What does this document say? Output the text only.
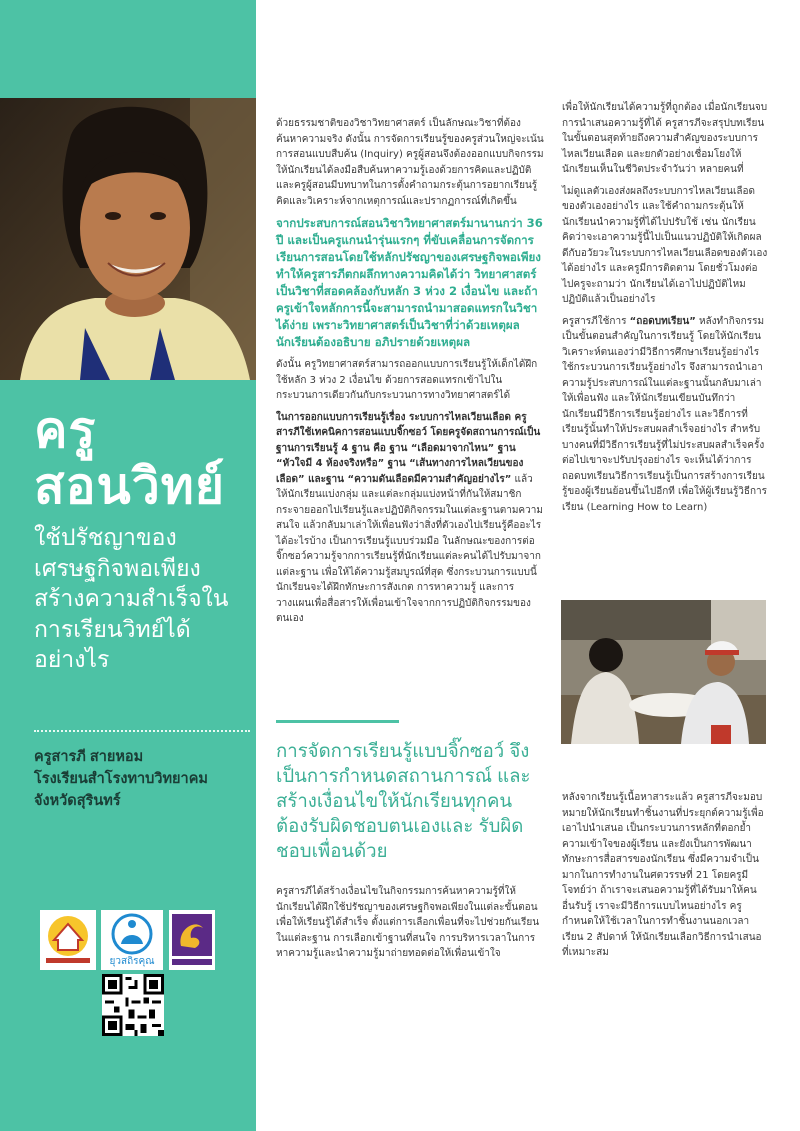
ครู
สอนวิทย์
ใช้ปรัชญาของเศรษฐกิจพอเพียงสร้างความสำเร็จในการเรียนวิทย์ได้อย่างไร
ครูสารภี สายหอม
โรงเรียนสำโรงทาบวิทยาคม
จังหวัดสุรินทร์
ยุวสถิรคุณ

ด้วยธรรมชาติของวิชาวิทยาศาสตร์ เป็นลักษณะวิชาที่ต้องค้นหาความจริง ดังนั้น การจัดการเรียนรู้ของครูส่วนใหญ่จะเน้นการสอนแบบสืบค้น (Inquiry) ครูผู้สอนจึงต้องออกแบบกิจกรรมให้นักเรียนได้ลงมือสืบค้นหาความรู้เองด้วยการคิดและปฏิบัติ และครูผู้สอนมีบทบาทในการตั้งคำถามกระตุ้นการอยากเรียนรู้ คิดและวิเคราะห์จากเหตุการณ์และปรากฏการณ์ที่เกิดขึ้น

จากประสบการณ์สอนวิชาวิทยาศาสตร์มานานกว่า 36 ปี และเป็นครูแกนนำรุ่นแรกๆ ที่ขับเคลื่อนการจัดการเรียนการสอนโดยใช้หลักปรัชญาของเศรษฐกิจพอเพียง ทำให้ครูสารภีตกผลึกทางความคิดได้ว่า วิทยาศาสตร์เป็นวิชาที่สอดคล้องกับหลัก 3 ห่วง 2 เงื่อนไข และถ้าครูเข้าใจหลักการนี้จะสามารถนำมาสอดแทรกในวิชาได้ง่าย เพราะวิทยาศาสตร์เป็นวิชาที่ว่าด้วยเหตุผล นักเรียนต้องอธิบาย อภิปรายด้วยเหตุผล

ดังนั้น ครูวิทยาศาสตร์สามารถออกแบบการเรียนรู้ให้เด็กได้ฝึกใช้หลัก 3 ห่วง 2 เงื่อนไข ด้วยการสอดแทรกเข้าไปในกระบวนการเดียวกันกับกระบวนการทางวิทยาศาสตร์ได้

ในการออกแบบการเรียนรู้เรื่อง ระบบการไหลเวียนเลือด ครูสารภีใช้เทคนิคการสอนแบบจิ๊กซอว์ โดยครูจัดสถานการณ์เป็นฐานการเรียนรู้ 4 ฐาน คือ ฐาน “เลือดมาจากไหน” ฐาน “หัวใจมี 4 ห้องจริงหรือ” ฐาน “เส้นทางการไหลเวียนของเลือด” และฐาน “ความดันเลือดมีความสำคัญอย่างไร” แล้วให้นักเรียนแบ่งกลุ่ม และแต่ละกลุ่มแบ่งหน้าที่กันให้สมาชิกกระจายออกไปเรียนรู้และปฏิบัติกิจกรรมในแต่ละฐานตามความสนใจ แล้วกลับมาเล่าให้เพื่อนฟังว่าสิ่งที่ตัวเองไปเรียนรู้คืออะไร ได้อะไรบ้าง เป็นการเรียนรู้แบบร่วมมือ ในลักษณะของการต่อจิ๊กซอว์ความรู้จากการเรียนรู้ที่นักเรียนแต่ละคนได้ไปรับมาจากแต่ละฐาน เพื่อให้ได้ความรู้สมบูรณ์ที่สุด ซึ่งกระบวนการแบบนี้ นักเรียนจะได้ฝึกทักษะการสังเกต การหาความรู้ และการวางแผนเพื่อสื่อสารให้เพื่อนเข้าใจจากการปฏิบัติกิจกรรมของตนเอง

การจัดการเรียนรู้แบบจิ๊กซอว์ จึงเป็นการกำหนดสถานการณ์ และสร้างเงื่อนไขให้นักเรียนทุกคน ต้องรับผิดชอบตนเองและ รับผิดชอบเพื่อนด้วย

ครูสารภีได้สร้างเงื่อนไขในกิจกรรมการค้นหาความรู้ที่ให้นักเรียนได้ฝึกใช้ปรัชญาของเศรษฐกิจพอเพียงในแต่ละขั้นตอนเพื่อให้เรียนรู้ได้สำเร็จ ตั้งแต่การเลือกเพื่อนที่จะไปช่วยกันเรียนในแต่ละฐาน การเลือกเข้าฐานที่สนใจ การบริหารเวลาในการหาความรู้และนำความรู้มาถ่ายทอดต่อให้เพื่อนเข้าใจ

เพื่อให้นักเรียนได้ความรู้ที่ถูกต้อง เมื่อนักเรียนจบการนำเสนอความรู้ที่ได้ ครูสารภีจะสรุปบทเรียนในขั้นตอนสุดท้ายถึงความสำคัญของระบบการไหลเวียนเลือด และยกตัวอย่างเชื่อมโยงให้นักเรียนเห็นในชีวิตประจำวันว่า หลายคนที่

ไม่ดูแลตัวเองส่งผลถึงระบบการไหลเวียนเลือดของตัวเองอย่างไร และใช้คำถามกระตุ้นให้นักเรียนนำความรู้ที่ได้ไปปรับใช้ เช่น นักเรียนคิดว่าจะเอาความรู้นี้ไปเป็นแนวปฏิบัติให้เกิดผลดีกับอวัยวะในระบบการไหลเวียนเลือดของตัวเองได้อย่างไร และครูมีการติดตาม โดยชั่วโมงต่อไปครูจะถามว่า นักเรียนได้เอาไปปฏิบัติไหม ปฏิบัติแล้วเป็นอย่างไร

ครูสารภีใช้การ “ถอดบทเรียน” หลังทำกิจกรรมเป็นขั้นตอนสำคัญในการเรียนรู้ โดยให้นักเรียนวิเคราะห์ตนเองว่ามีวิธีการศึกษาเรียนรู้อย่างไร ใช้กระบวนการเรียนรู้อย่างไร จึงสามารถนำเอาความรู้ประสบการณ์ในแต่ละฐานนั้นกลับมาเล่าให้เพื่อนฟัง และให้นักเรียนเขียนบันทึกว่านักเรียนมีวิธีการเรียนรู้อย่างไร และวิธีการที่เรียนรู้นั้นทำให้ประสบผลสำเร็จอย่างไร สำหรับบางคนที่มีวิธีการเรียนรู้ที่ไม่ประสบผลสำเร็จครั้งต่อไปเขาจะปรับปรุงอย่างไร จะเห็นได้ว่าการถอดบทเรียนวิธีการเรียนรู้เป็นการสร้างการเรียนรู้ของผู้เรียนย้อนขึ้นไปอีกที เพื่อให้ผู้เรียนรู้วิธีการเรียน (Learning How to Learn)

หลังจากเรียนรู้เนื้อหาสาระแล้ว ครูสารภีจะมอบหมายให้นักเรียนทำชิ้นงานที่ประยุกต์ความรู้เพื่อเอาไปนำเสนอ เป็นกระบวนการหลักที่ตอกย้ำความเข้าใจของผู้เรียน และยังเป็นการพัฒนาทักษะการสื่อสารของนักเรียน ซึ่งมีความจำเป็นมากในการทำงานในศตวรรษที่ 21 โดยครูมีโจทย์ว่า ถ้าเราจะเสนอความรู้ที่ได้รับมาให้คนอื่นรับรู้ เราจะมีวิธีการแบบไหนอย่างไร ครูกำหนดให้ใช้เวลาในการทำชิ้นงานนอกเวลาเรียน 2 สัปดาห์ ให้นักเรียนเลือกวิธีการนำเสนอที่เหมาะสม
